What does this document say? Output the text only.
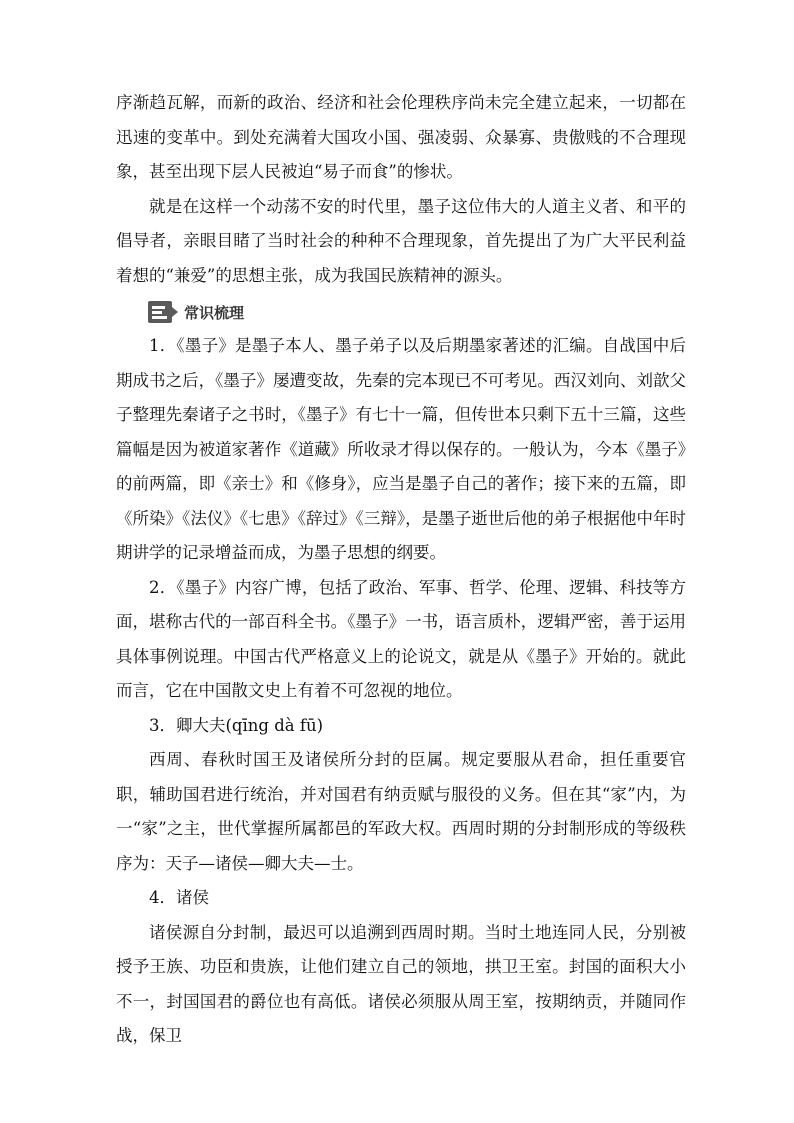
序渐趋瓦解，而新的政治、经济和社会伦理秩序尚未完全建立起来，一切都在迅速的变革中。到处充满着大国攻小国、强凌弱、众暴寡、贵傲贱的不合理现象，甚至出现下层人民被迫“易子而食”的惨状。

就是在这样一个动荡不安的时代里，墨子这位伟大的人道主义者、和平的倡导者，亲眼目睹了当时社会的种种不合理现象，首先提出了为广大平民利益着想的“兼爱”的思想主张，成为我国民族精神的源头。

常识梳理

1．《墨子》是墨子本人、墨子弟子以及后期墨家著述的汇编。自战国中后期成书之后，《墨子》屡遭变故，先秦的完本现已不可考见。西汉刘向、刘歆父子整理先秦诸子之书时，《墨子》有七十一篇，但传世本只剩下五十三篇，这些篇幅是因为被道家著作《道藏》所收录才得以保存的。一般认为，今本《墨子》的前两篇，即《亲士》和《修身》，应当是墨子自己的著作；接下来的五篇，即《所染》《法仪》《七患》《辞过》《三辩》，是墨子逝世后他的弟子根据他中年时期讲学的记录增益而成，为墨子思想的纲要。

2．《墨子》内容广博，包括了政治、军事、哲学、伦理、逻辑、科技等方面，堪称古代的一部百科全书。《墨子》一书，语言质朴，逻辑严密，善于运用具体事例说理。中国古代严格意义上的论说文，就是从《墨子》开始的。就此而言，它在中国散文史上有着不可忽视的地位。

3．卿大夫(qīng dà fū)

西周、春秋时国王及诸侯所分封的臣属。规定要服从君命，担任重要官职，辅助国君进行统治，并对国君有纳贡赋与服役的义务。但在其“家”内，为一“家”之主，世代掌握所属都邑的军政大权。西周时期的分封制形成的等级秩序为：天子—诸侯—卿大夫—士。

4．诸侯

诸侯源自分封制，最迟可以追溯到西周时期。当时土地连同人民，分别被授予王族、功臣和贵族，让他们建立自己的领地，拱卫王室。封国的面积大小不一，封国国君的爵位也有高低。诸侯必须服从周王室，按期纳贡，并随同作战，保卫
